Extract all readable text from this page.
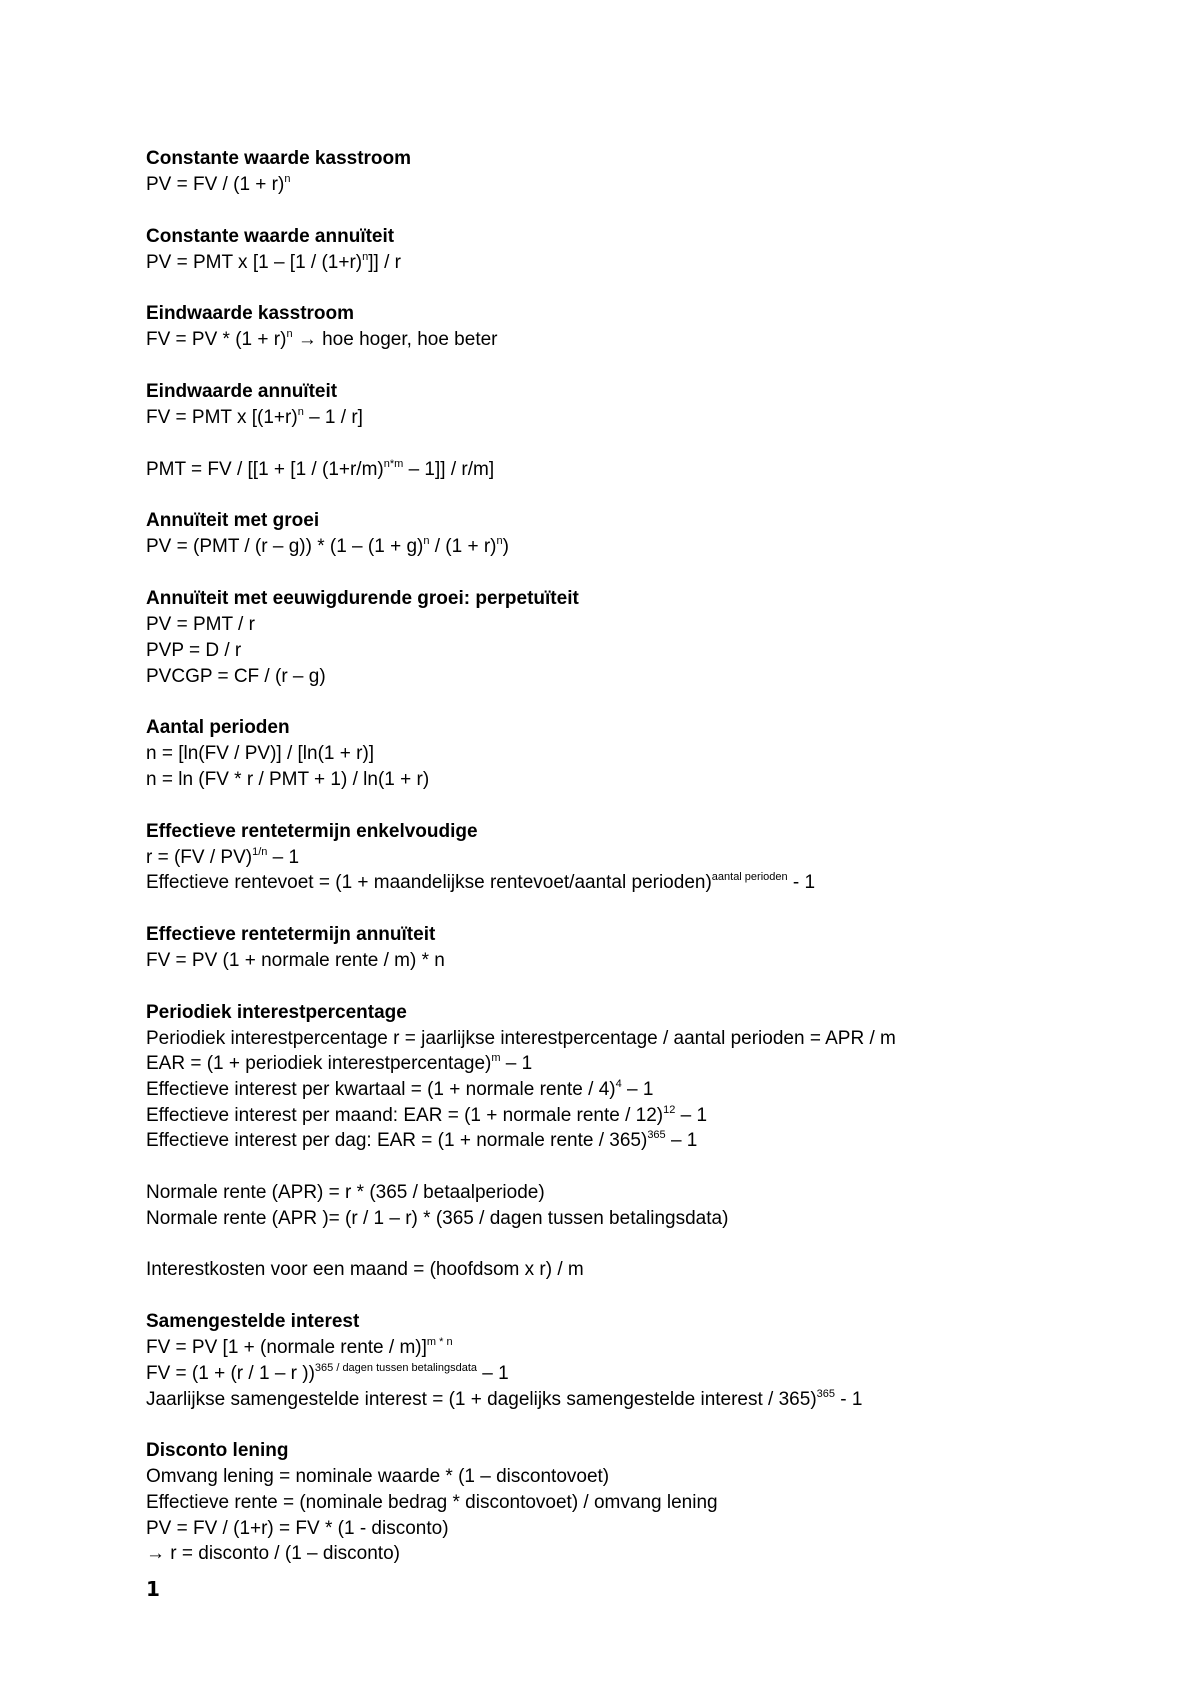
Constante waarde kasstroom
PV = FV / $(1 + r)^n$
Constante waarde annuïteit
PV = PMT x $[1 - [1 / (1+r)^n]] / r$
Eindwaarde kasstroom
FV = PV * $(1 + r)^n$ → hoe hoger, hoe beter
Eindwaarde annuïteit
FV = PMT x $[(1+r)^n - 1 / r]$
PMT = FV / $[[1 + [1 / (1+r/m)^{n*m} - 1]] / r/m]$
Annuïteit met groei
PV = $(PMT / (r - g)) * (1 - (1 + g)^n / (1 + r)^n)$
Annuïteit met eeuwigdurende groei: perpetuïteit
PV = PMT / r
PVP = D / r
PVCGP = CF / (r – g)
Aantal perioden
n = [ln(FV / PV)] / [ln(1 + r)]
n = ln (FV * r / PMT + 1) / ln(1 + r)
Effectieve rentetermijn enkelvoudige
r = (FV / PV)$^{1/n}$ – 1
Effectieve rentevoet = (1 + maandelijkse rentevoet/aantal perioden)$^{aantal perioden}$ - 1
Effectieve rentetermijn annuïteit
FV = PV (1 + normale rente / m) * n
Periodiek interestpercentage
Periodiek interestpercentage r = jaarlijkse interestpercentage / aantal perioden = APR / m
EAR = (1 + periodiek interestpercentage)$^m$ – 1
Effectieve interest per kwartaal = (1 + normale rente / 4)$^4$ – 1
Effectieve interest per maand: EAR = (1 + normale rente / 12)$^{12}$ – 1
Effectieve interest per dag: EAR = (1 + normale rente / 365)$^{365}$ – 1
Normale rente (APR) = r * (365 / betaalperiode)
Normale rente (APR )= (r / 1 – r) * (365 / dagen tussen betalingsdata)
Interestkosten voor een maand = (hoofdsom x r) / m
Samengestelde interest
FV = PV [1 + (normale rente / m)]$^{m * n}$
FV = (1 + (r / 1 – r ))$^{365 / dagen tussen betalingsdata}$ – 1
Jaarlijkse samengestelde interest = (1 + dagelijks samengestelde interest / 365)$^{365}$ - 1
Disconto lening
Omvang lening = nominale waarde * (1 – discontovoet)
Effectieve rente = (nominale bedrag * discontovoet) / omvang lening
PV = FV / (1+r) = FV * (1 - disconto)
→ r = disconto / (1 – disconto)
1
